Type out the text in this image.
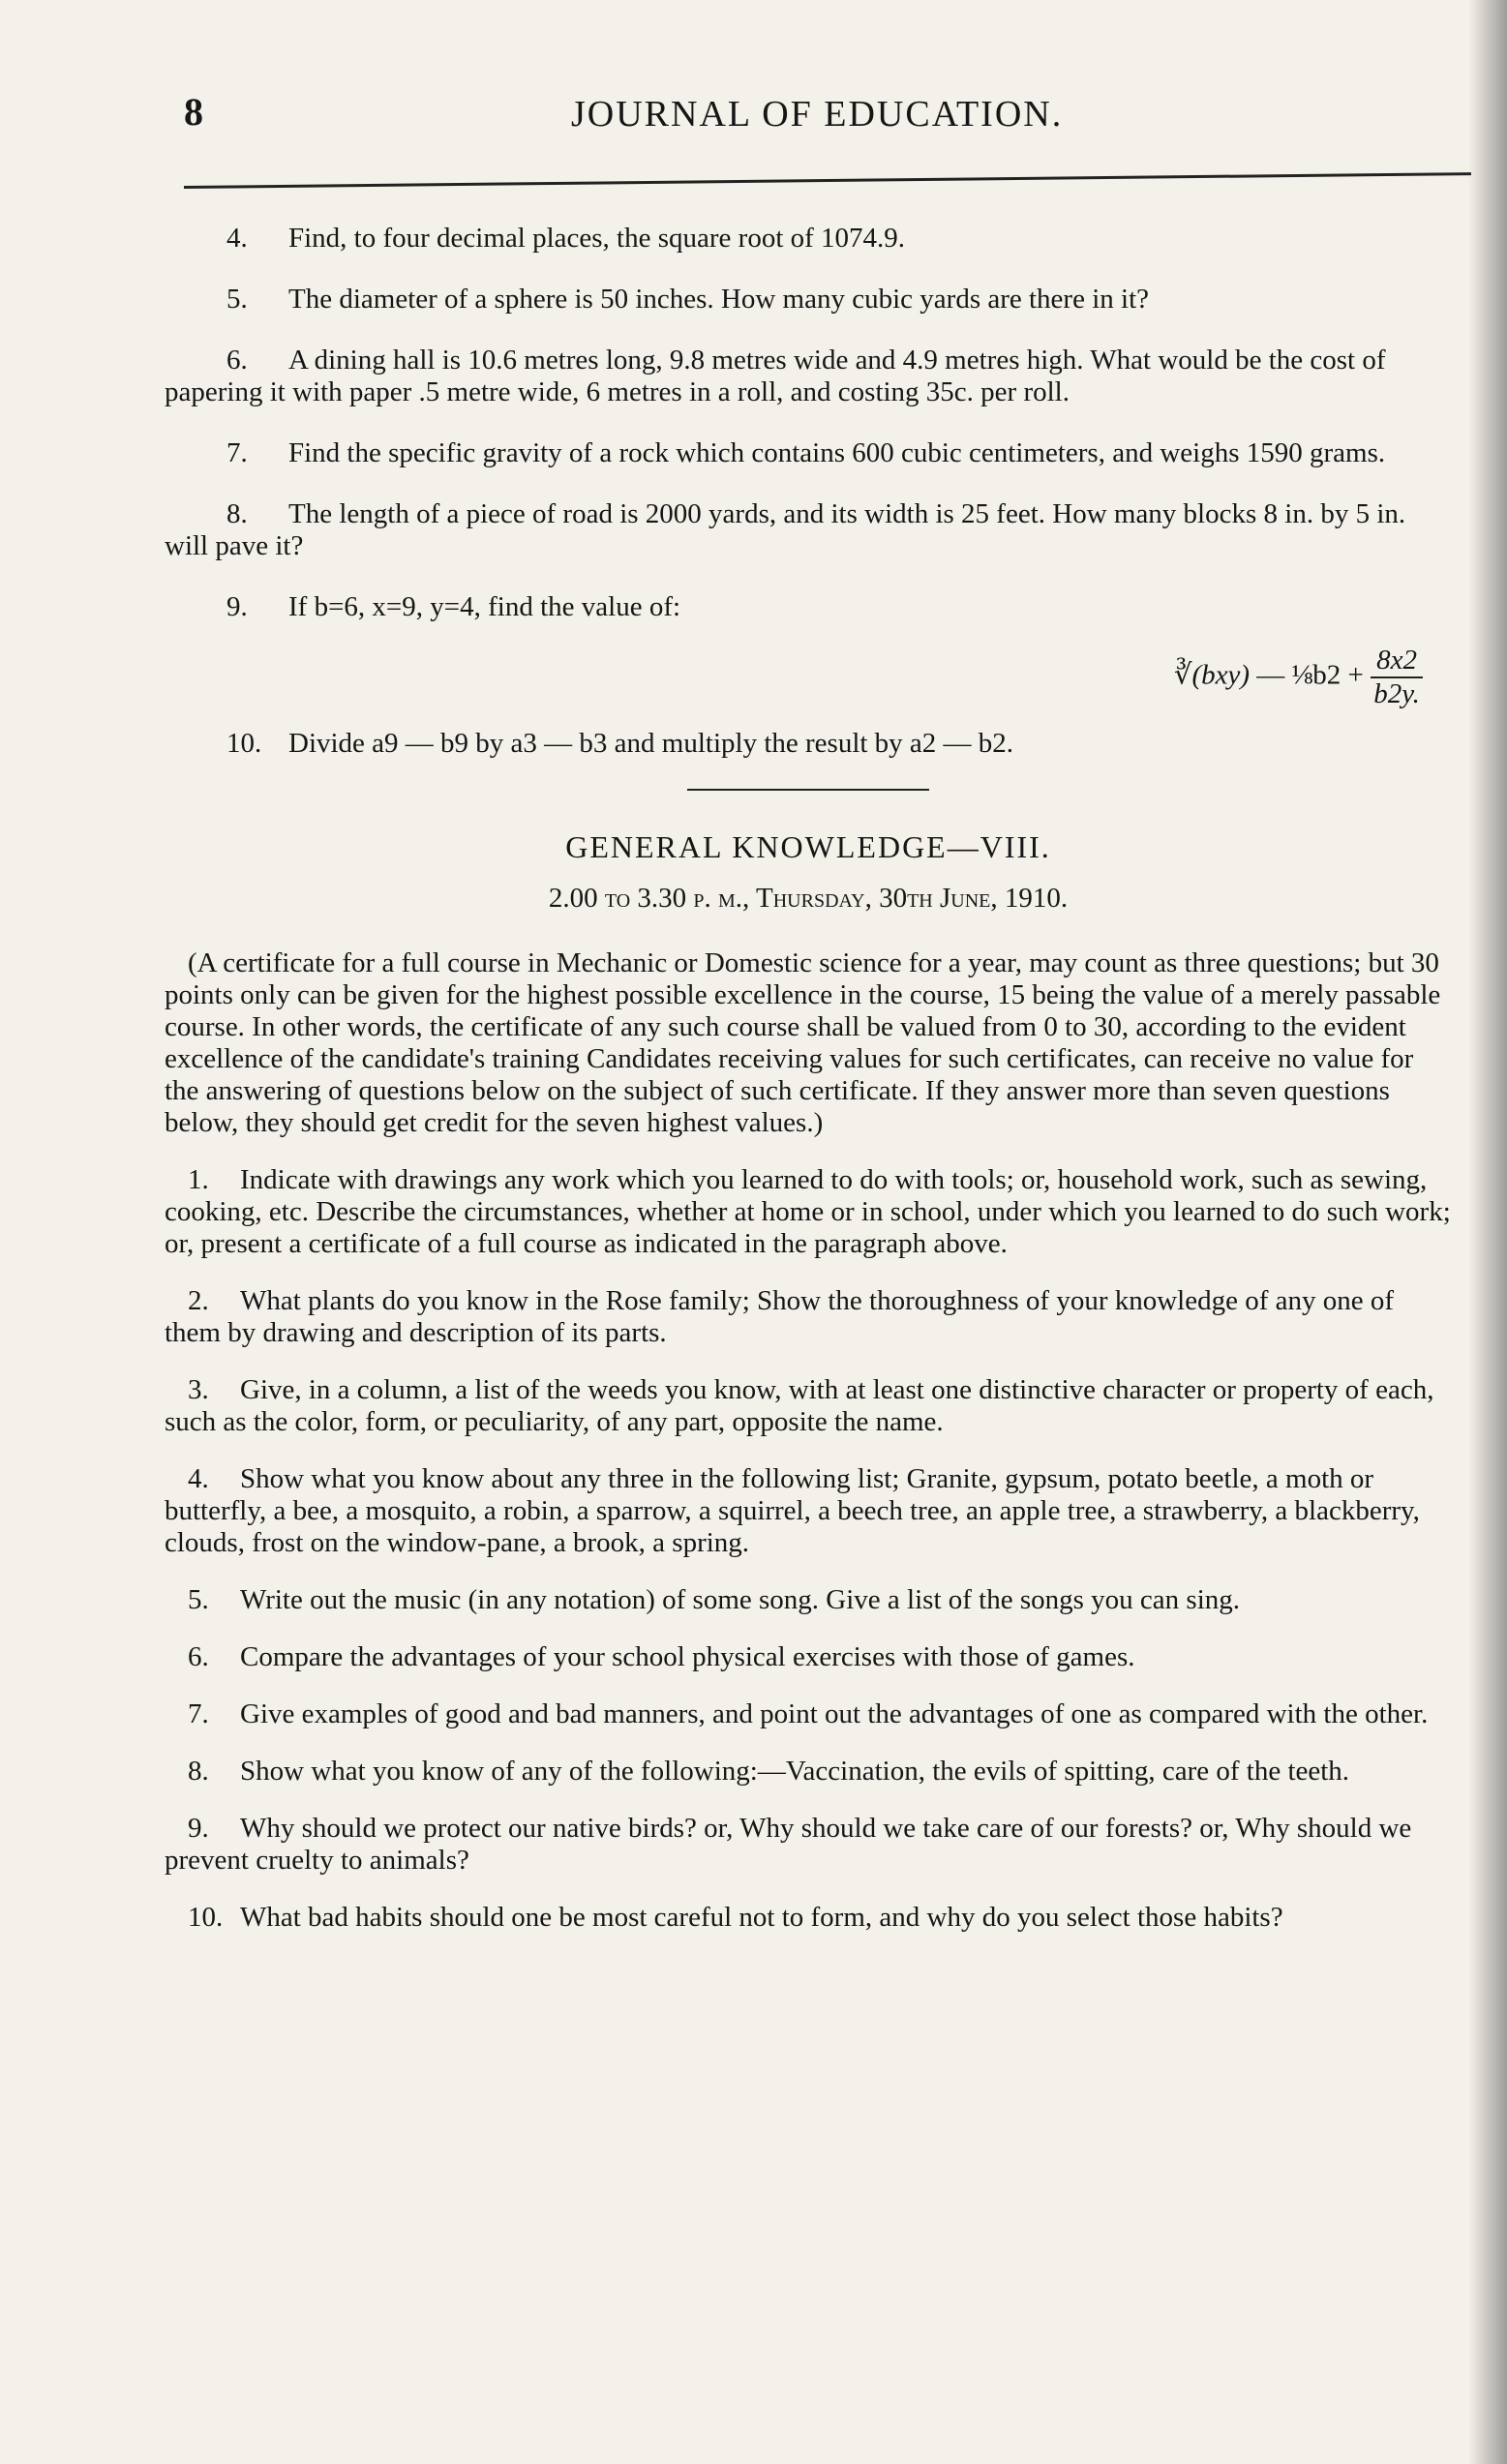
8	JOURNAL OF EDUCATION.

4. Find, to four decimal places, the square root of 1074.9.

5. The diameter of a sphere is 50 inches. How many cubic yards are there in it?

6. A dining hall is 10.6 metres long, 9.8 metres wide and 4.9 metres high. What would be the cost of papering it with paper .5 metre wide, 6 metres in a roll, and costing 35c. per roll.

7. Find the specific gravity of a rock which contains 600 cubic centimeters, and weighs 1590 grams.

8. The length of a piece of road is 2000 yards, and its width is 25 feet. How many blocks 8 in. by 5 in. will pave it?

9. If b=6, x=9, y=4, find the value of:

∛(bxy) — ⅛b2 + $\frac{8x2}{b2y.}$

10. Divide a9 — b9 by a3 — b3 and multiply the result by a2 — b2.

GENERAL KNOWLEDGE—VIII.
2.00 to 3.30 p. m., Thursday, 30th June, 1910.

(A certificate for a full course in Mechanic or Domestic science for a year, may count as three questions; but 30 points only can be given for the highest possible excellence in the course, 15 being the value of a merely passable course. In other words, the certificate of any such course shall be valued from 0 to 30, according to the evident excellence of the candidate's training Candidates receiving values for such certificates, can receive no value for the answering of questions below on the subject of such certificate. If they answer more than seven questions below, they should get credit for the seven highest values.)

1. Indicate with drawings any work which you learned to do with tools; or, household work, such as sewing, cooking, etc. Describe the circumstances, whether at home or in school, under which you learned to do such work; or, present a certificate of a full course as indicated in the paragraph above.

2. What plants do you know in the Rose family; Show the thoroughness of your knowledge of any one of them by drawing and description of its parts.

3. Give, in a column, a list of the weeds you know, with at least one distinctive character or property of each, such as the color, form, or peculiarity, of any part, opposite the name.

4. Show what you know about any three in the following list; Granite, gypsum, potato beetle, a moth or butterfly, a bee, a mosquito, a robin, a sparrow, a squirrel, a beech tree, an apple tree, a strawberry, a blackberry, clouds, frost on the window-pane, a brook, a spring.

5. Write out the music (in any notation) of some song. Give a list of the songs you can sing.

6. Compare the advantages of your school physical exercises with those of games.

7. Give examples of good and bad manners, and point out the advantages of one as compared with the other.

8. Show what you know of any of the following:—Vaccination, the evils of spitting, care of the teeth.

9. Why should we protect our native birds? or, Why should we take care of our forests? or, Why should we prevent cruelty to animals?

10. What bad habits should one be most careful not to form, and why do you select those habits?
